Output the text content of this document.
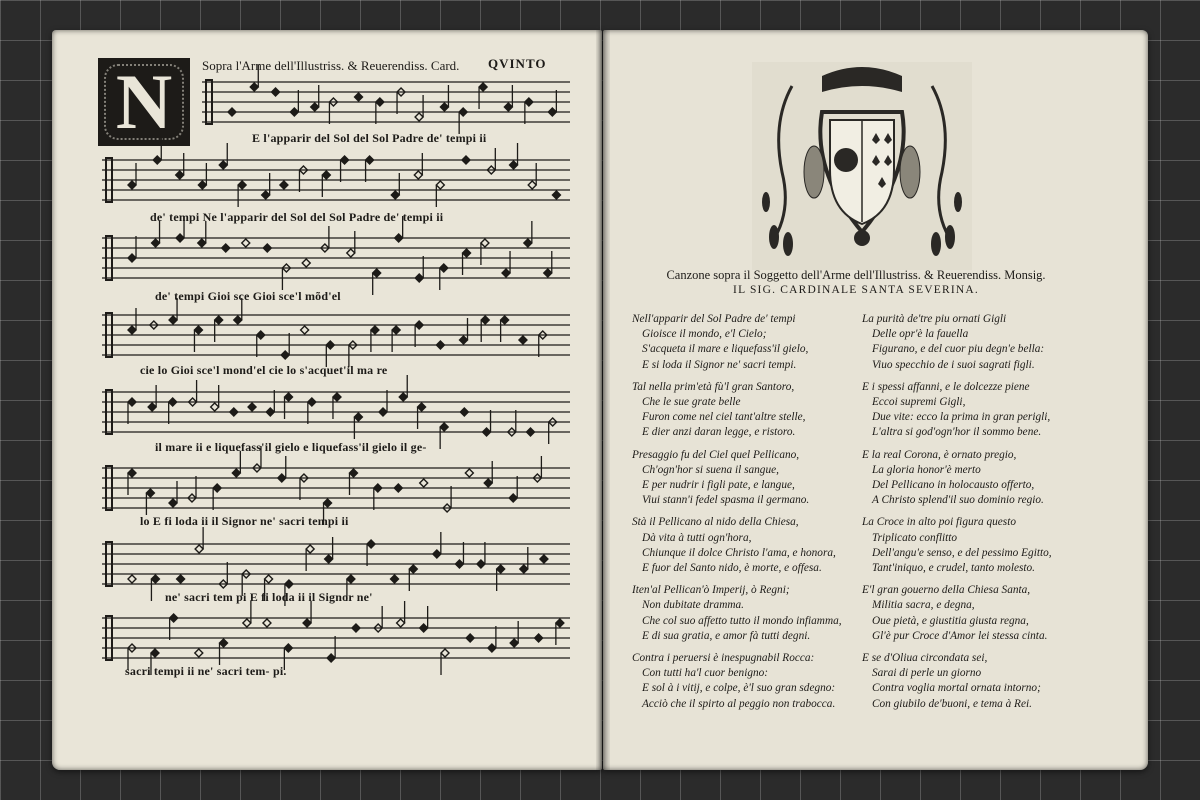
N	Sopra l'Arme dell'Illustriss. & Reuerendiss. Card. QVINTO
E l'apparir del Sol del Sol Padre de' tempi ii
de' tempi Ne l'apparir del Sol del Sol Padre de' tempi ii
de' tempi Gioi sce Gioi sce'l mõd'el
cie lo Gioi sce'l mond'el cie lo s'acquet'il ma re
il mare ii e liquefass'il gielo e liquefass'il gielo il ge-
lo E fi loda ii il Signor ne' sacri tempi ii
ne' sacri tem pi E fi loda ii il Signor ne'
sacri tempi ii ne' sacri tem- pi.
Canzone sopra il Soggetto dell'Arme dell'Illustriss. & Reuerendiss. Monsig.
IL SIG. CARDINALE SANTA SEVERINA.
Nell'apparir del Sol Padre de' tempi
Gioisce il mondo, e'l Cielo;
S'acqueta il mare e liquefass'il gielo,
E si loda il Signor ne' sacri tempi.
Tal nella prim'età fù'l gran Santoro,
Che le sue grate belle
Furon come nel ciel tant'altre stelle,
E dier anzi daran legge, e ristoro.
Presaggio fu del Ciel quel Pellicano,
Ch'ogn'hor si suena il sangue,
E per nudrir i figli pate, e langue,
Viui stann'i fedel spasma il germano.
Stà il Pellicano al nido della Chiesa,
Dà vita à tutti ogn'hora,
Chiunque il dolce Christo l'ama, e honora,
E fuor del Santo nido, è morte, e offesa.
Iten'al Pellican'ò Imperij, ò Regni;
Non dubitate dramma.
Che col suo affetto tutto il mondo infiamma,
E di sua gratia, e amor fà tutti degni.
Contra i peruersi è inespugnabil Rocca:
Con tutti ha'l cuor benigno:
E sol à i vitij, e colpe, è'l suo gran sdegno:
Acciò che il spirto al peggio non trabocca.
La purità de'tre piu ornati Gigli
Delle opr'è la fauella
Figurano, e del cuor piu degn'e bella:
Viuo specchio de i suoi sagrati figli.
E i spessi affanni, e le dolcezze piene
Eccoi supremi Gigli,
Due vite: ecco la prima in gran perigli,
L'altra si god'ogn'hor il sommo bene.
E la real Corona, è ornato pregio,
La gloria honor'è merto
Del Pellicano in holocausto offerto,
A Christo splend'il suo dominio regio.
La Croce in alto poi figura questo
Triplicato conflitto
Dell'angu'e senso, e del pessimo Egitto,
Tant'iniquo, e crudel, tanto molesto.
E'l gran gouerno della Chiesa Santa,
Militia sacra, e degna,
Oue pietà, e giustitia giusta regna,
Gl'è pur Croce d'Amor lei stessa cinta.
E se d'Oliua circondata sei,
Sarai di perle un giorno
Contra voglia mortal ornata intorno;
Con giubilo de'buoni, e tema à Rei.
